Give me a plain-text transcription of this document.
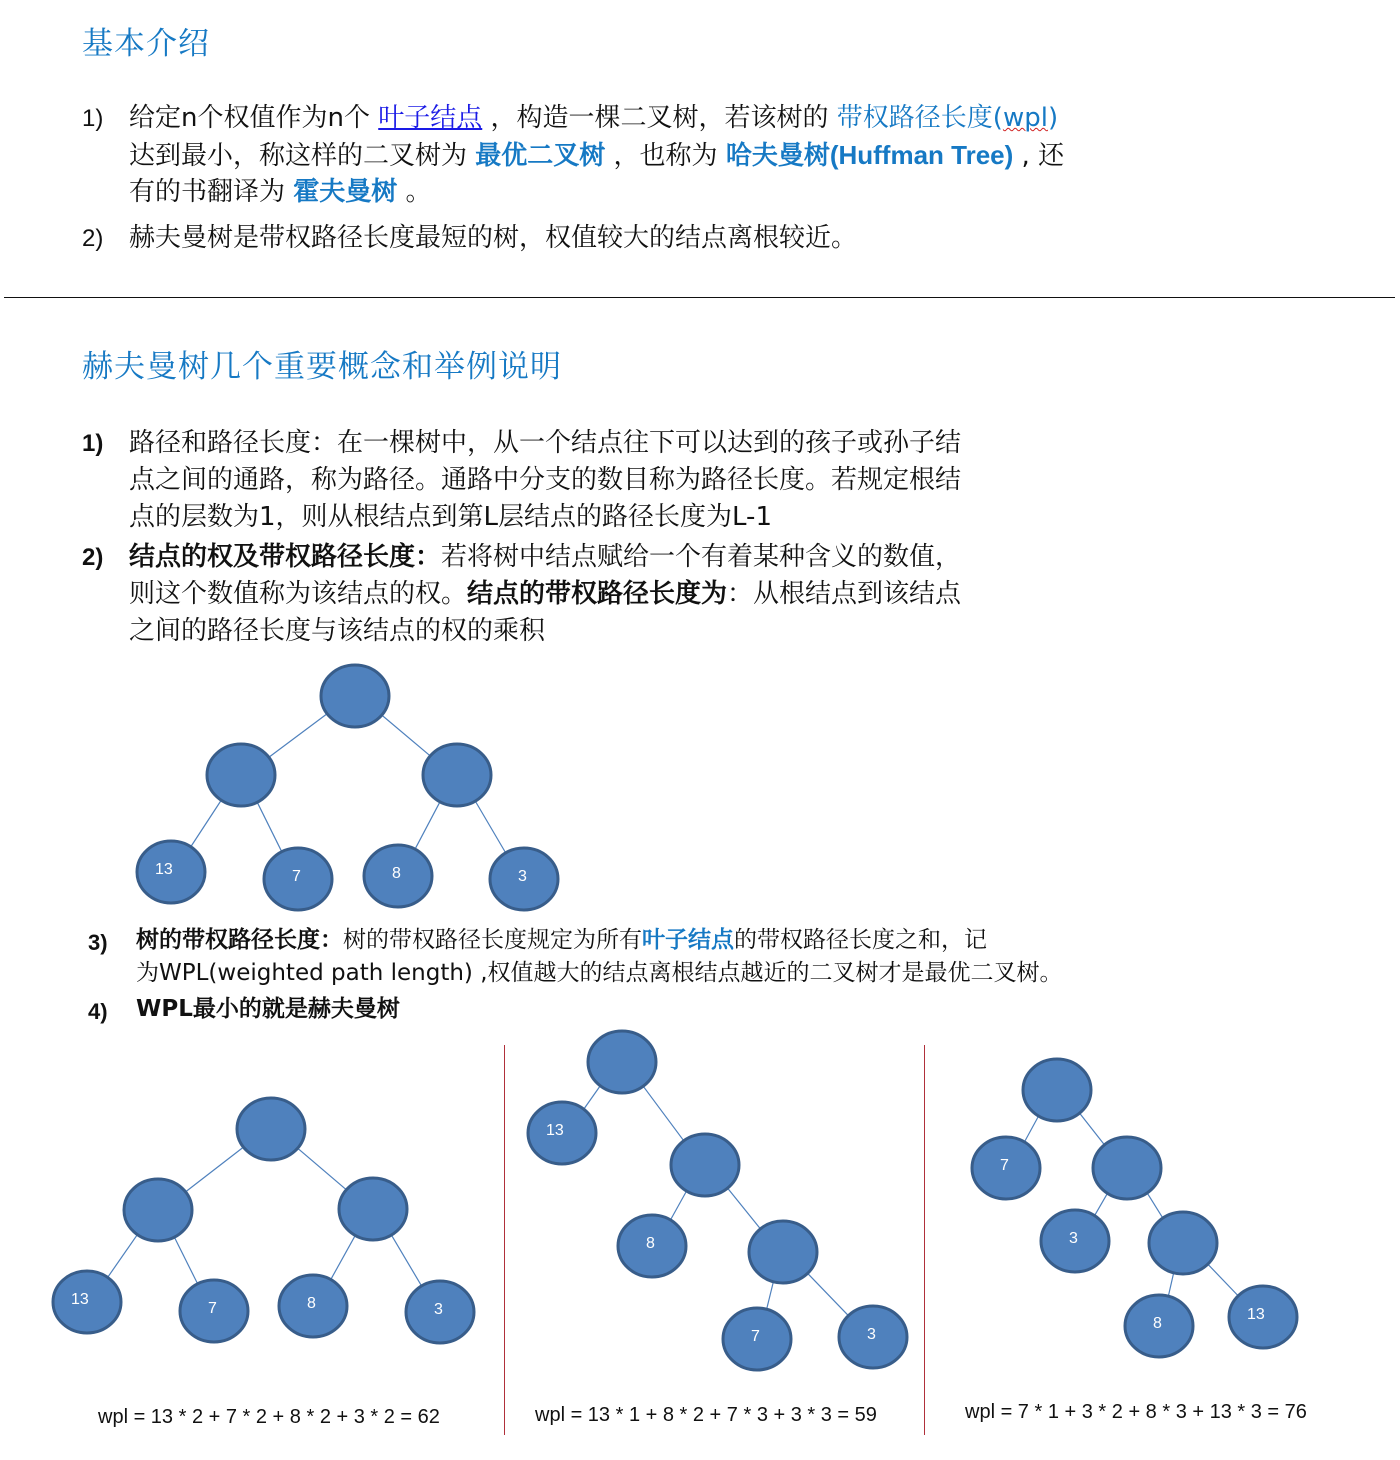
基本介绍
1) 给定n个权值作为n个 叶子结点 ，构造一棵二叉树，若该树的 带权路径长度(wpl)
达到最小，称这样的二叉树为 最优二叉树 ，也称为 哈夫曼树(Huffman Tree) , 还
有的书翻译为 霍夫曼树 。
2) 赫夫曼树是带权路径长度最短的树，权值较大的结点离根较近。
赫夫曼树几个重要概念和举例说明
1) 路径和路径长度：在一棵树中，从一个结点往下可以达到的孩子或孙子结
点之间的通路，称为路径。通路中分支的数目称为路径长度。若规定根结
点的层数为1，则从根结点到第L层结点的路径长度为L-1
2) 结点的权及带权路径长度：若将树中结点赋给一个有着某种含义的数值，
则这个数值称为该结点的权。结点的带权路径长度为：从根结点到该结点
之间的路径长度与该结点的权的乘积
3) 树的带权路径长度：树的带权路径长度规定为所有叶子结点的带权路径长度之和，记
为WPL(weighted path length) ,权值越大的结点离根结点越近的二叉树才是最优二叉树。
4) WPL最小的就是赫夫曼树
wpl = 13 * 2 + 7 * 2 + 8 * 2 + 3 * 2 = 62	wpl = 13 * 1 + 8 * 2 + 7 * 3 + 3 * 3 = 59	wpl = 7 * 1 + 3 * 2 + 8 * 3 + 13 * 3 = 76
13	7	8	3
13
7	8	3
13
8
7	3
7
3
8
13
